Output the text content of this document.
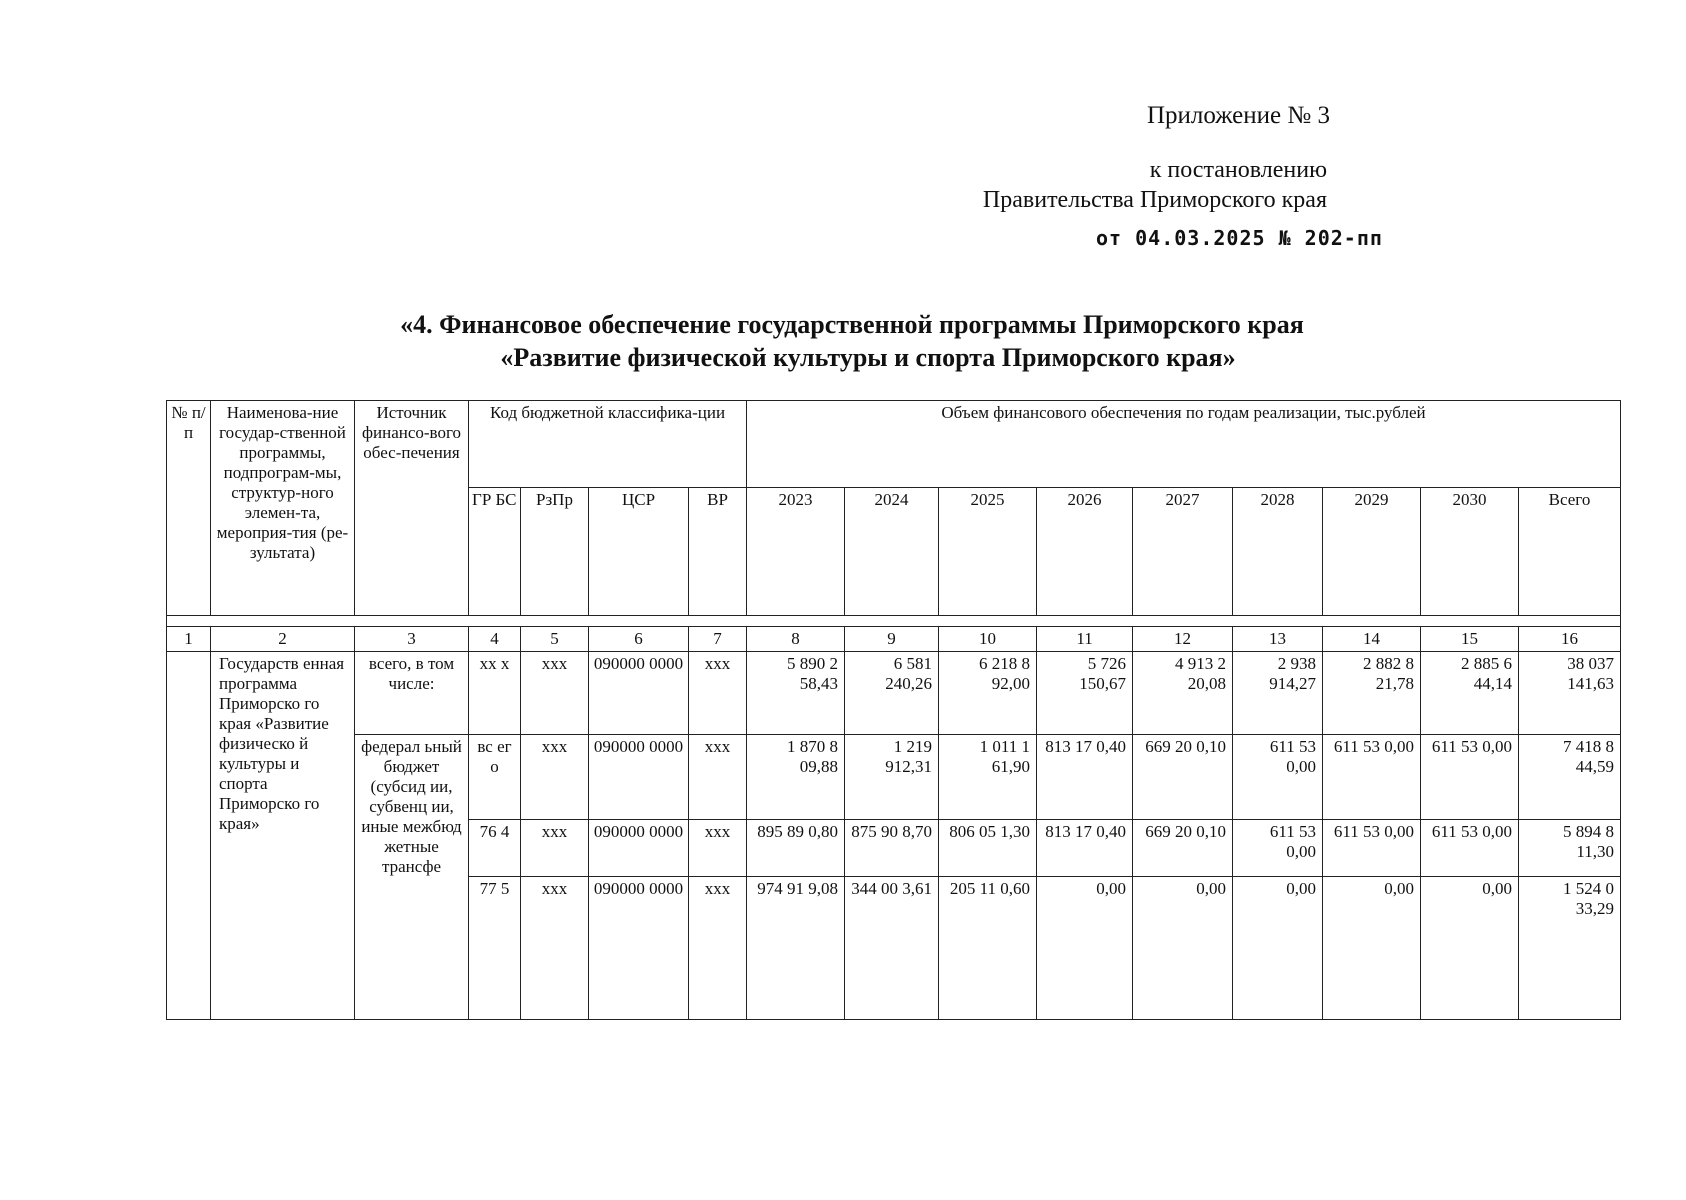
Приложение № 3
к постановлению
Правительства Приморского края
от 04.03.2025 № 202-пп
«4. Финансовое обеспечение государственной программы Приморского края
«Развитие физической культуры и спорта Приморского края»
№ п/п	Наименова-ние государ-ственной программы, подпрограм-мы, структур-ного элемен-та, мероприя-тия (ре-зультата)	Источник финансо-вого обес-печения	Код бюджетной классифика-ции				Объем финансового обеспечения по годам реализации, тыс.рублей								
			ГР БС	РзПр	ЦСР	ВР	2023	2024	2025	2026	2027	2028	2029	2030	Всего

1	2	3	4	5	6	7	8	9	10	11	12	13	14	15	16
	Государств енная программа Приморско го края «Развитие физическо й культуры и спорта Приморско го края»	всего, в том числе:	хх х	ххх	090000 0000	ххх	5 890 2 58,43	6 581 240,26	6 218 8 92,00	5 726 150,67	4 913 2 20,08	2 938 914,27	2 882 8 21,78	2 885 6 44,14	38 037 141,63
		федерал ьный бюджет (субсид ии, субвенц ии, иные межбюд жетные трансфе	вс ег о	ххх	090000 0000	ххх	1 870 8 09,88	1 219 912,31	1 011 1 61,90	813 17 0,40	669 20 0,10	611 53 0,00	611 53 0,00	611 53 0,00	7 418 8 44,59
			76 4	ххх	090000 0000	ххх	895 89 0,80	875 90 8,70	806 05 1,30	813 17 0,40	669 20 0,10	611 53 0,00	611 53 0,00	611 53 0,00	5 894 8 11,30
			77 5	ххх	090000 0000	ххх	974 91 9,08	344 00 3,61	205 11 0,60	0,00	0,00	0,00	0,00	0,00	1 524 0 33,29
